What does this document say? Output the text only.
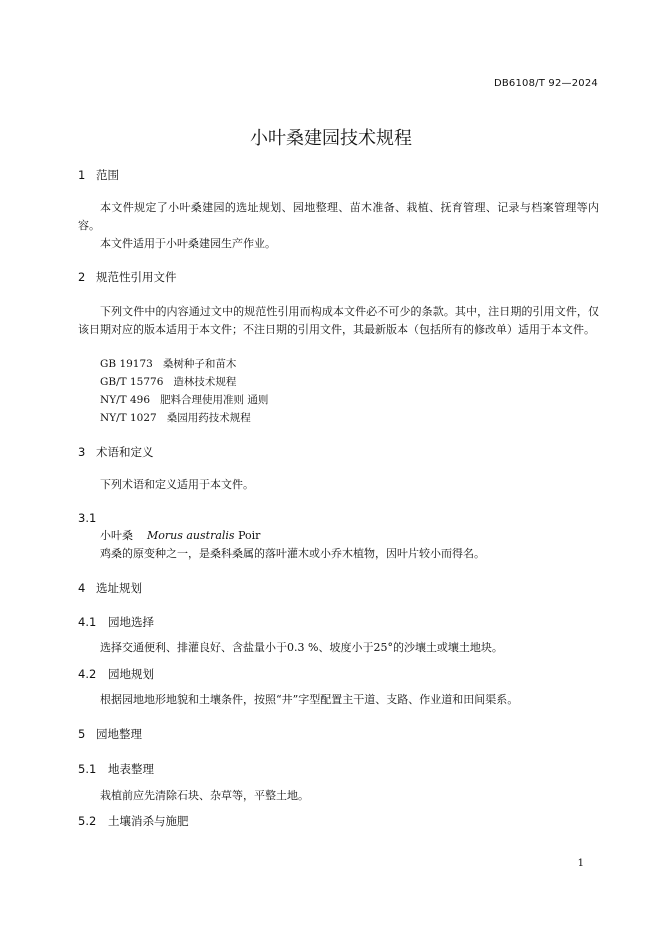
DB6108/T 92—2024
小叶桑建园技术规程
1 范围
本文件规定了小叶桑建园的选址规划、园地整理、苗木准备、栽植、抚育管理、记录与档案管理等内容。
本文件适用于小叶桑建园生产作业。
2 规范性引用文件
下列文件中的内容通过文中的规范性引用而构成本文件必不可少的条款。其中，注日期的引用文件，仅该日期对应的版本适用于本文件；不注日期的引用文件，其最新版本（包括所有的修改单）适用于本文件。
GB 19173 桑树种子和苗木
GB/T 15776 造林技术规程
NY/T 496 肥料合理使用准则 通则
NY/T 1027 桑园用药技术规程
3 术语和定义
下列术语和定义适用于本文件。
3.1
小叶桑 Morus australis Poir
鸡桑的原变种之一，是桑科桑属的落叶灌木或小乔木植物，因叶片较小而得名。
4 选址规划
4.1 园地选择
选择交通便利、排灌良好、含盐量小于0.3 %、坡度小于25°的沙壤土或壤土地块。
4.2 园地规划
根据园地地形地貌和土壤条件，按照“井”字型配置主干道、支路、作业道和田间渠系。
5 园地整理
5.1 地表整理
栽植前应先清除石块、杂草等，平整土地。
5.2 土壤消杀与施肥
1
